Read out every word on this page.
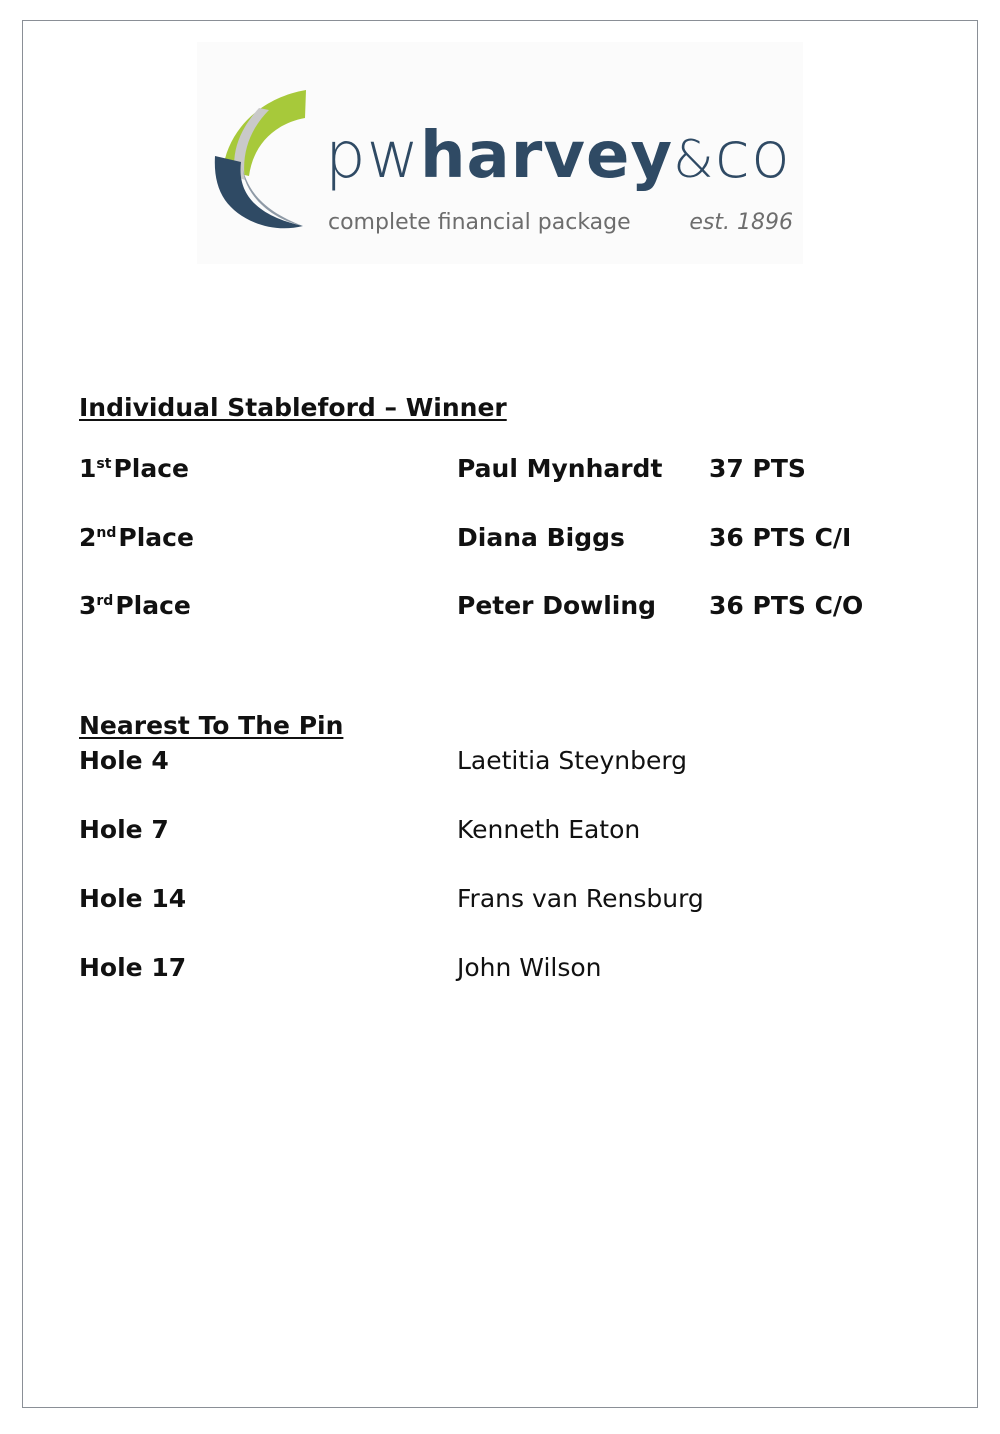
pwharvey&co
complete financial package	est. 1896
Individual Stableford – Winner
1stPlace	Paul Mynhardt 37 PTS
2ndPlace	Diana Biggs	36 PTS C/I
3rdPlace	Peter Dowling 36 PTS C/O
Nearest To The Pin
Hole 4	Laetitia Steynberg
Hole 7	Kenneth Eaton
Hole 14	Frans van Rensburg
Hole 17	John Wilson
